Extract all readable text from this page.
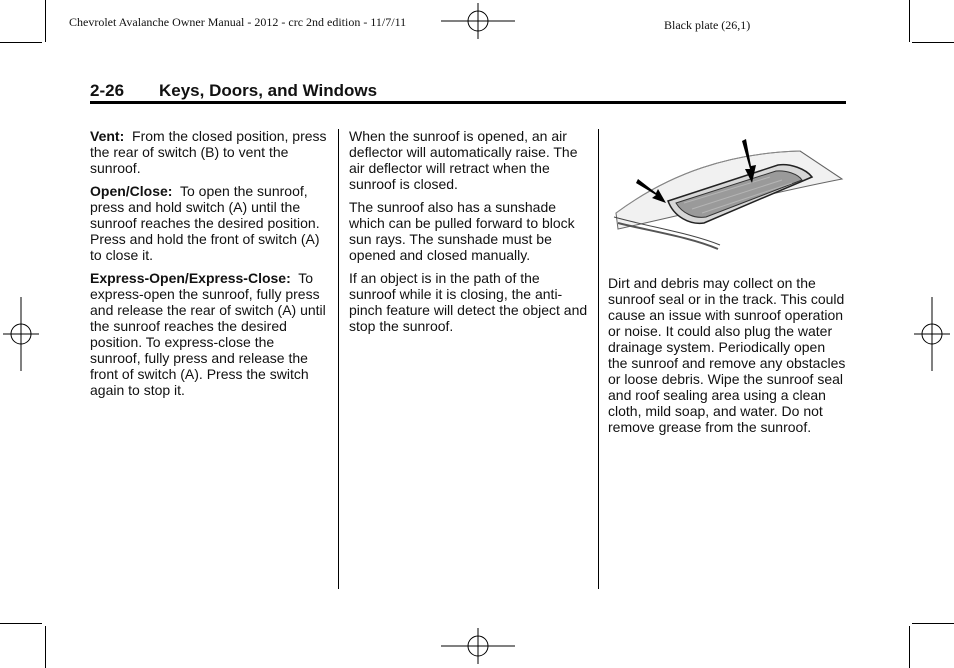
Chevrolet Avalanche Owner Manual - 2012 - crc 2nd edition - 11/7/11	Black plate (26,1)
2-26 Keys, Doors, and Windows

Vent: From the closed position, press the rear of switch (B) to vent the sunroof.

Open/Close: To open the sunroof, press and hold switch (A) until the sunroof reaches the desired position. Press and hold the front of switch (A) to close it.

Express-Open/Express-Close: To express-open the sunroof, fully press and release the rear of switch (A) until the sunroof reaches the desired position. To express-close the sunroof, fully press and release the front of switch (A). Press the switch again to stop it.

When the sunroof is opened, an air deflector will automatically raise. The air deflector will retract when the sunroof is closed.

The sunroof also has a sunshade which can be pulled forward to block sun rays. The sunshade must be opened and closed manually.

If an object is in the path of the sunroof while it is closing, the anti-pinch feature will detect the object and stop the sunroof.

Dirt and debris may collect on the sunroof seal or in the track. This could cause an issue with sunroof operation or noise. It could also plug the water drainage system. Periodically open the sunroof and remove any obstacles or loose debris. Wipe the sunroof seal and roof sealing area using a clean cloth, mild soap, and water. Do not remove grease from the sunroof.
